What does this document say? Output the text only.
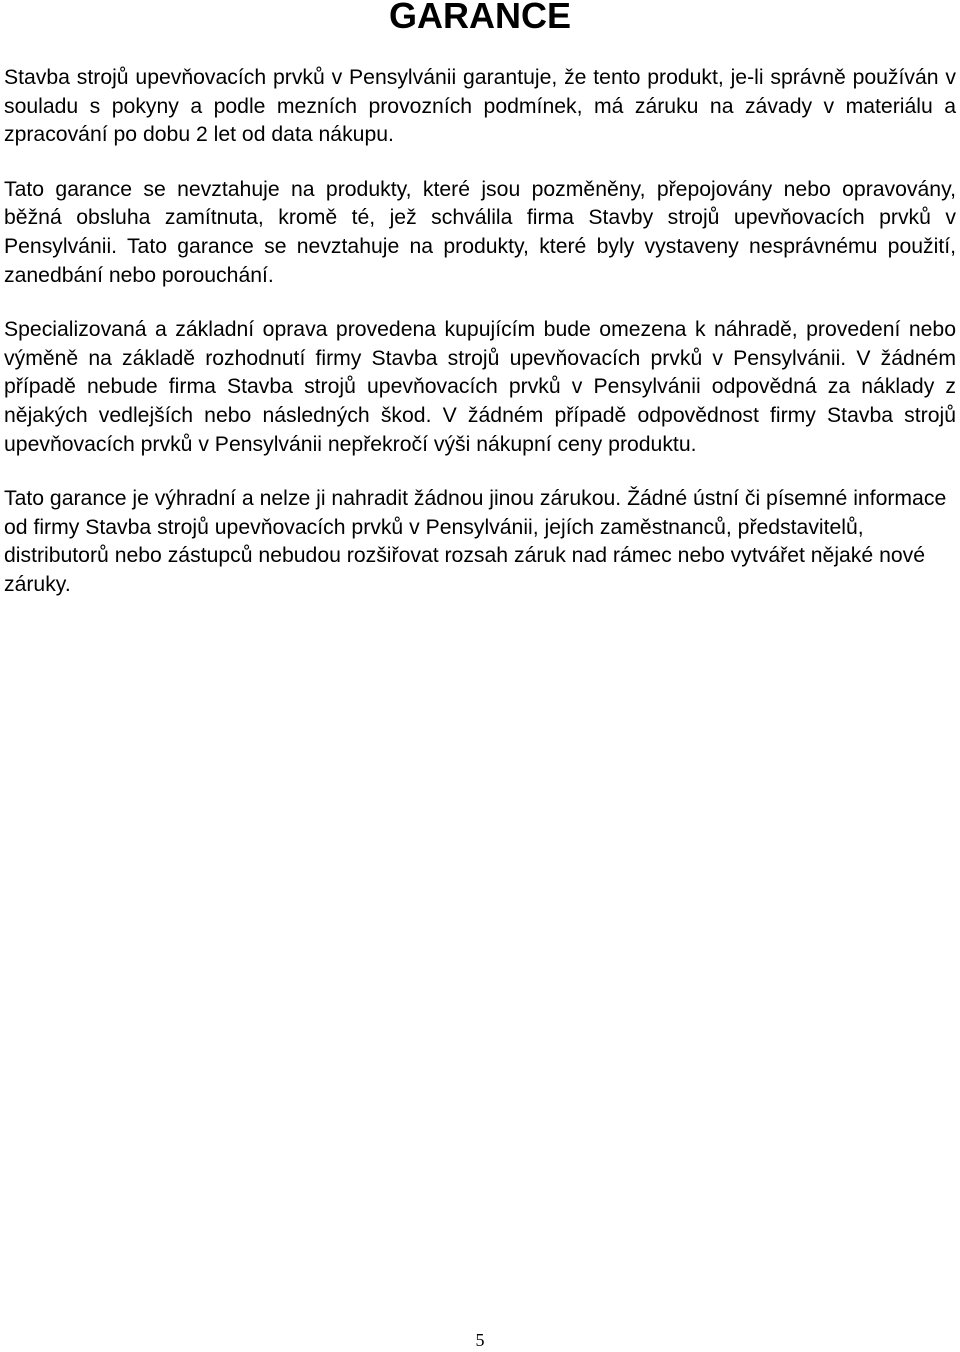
GARANCE

Stavba strojů upevňovacích prvků v Pensylvánii garantuje, že tento produkt, je-li správně používán v souladu s pokyny a podle mezních provozních podmínek, má záruku na závady v materiálu a zpracování po dobu 2 let od data nákupu.

Tato garance se nevztahuje na produkty, které jsou pozměněny, přepojovány nebo opravovány, běžná obsluha zamítnuta, kromě té, jež schválila firma Stavby strojů upevňovacích prvků v Pensylvánii. Tato garance se nevztahuje na produkty, které byly vystaveny nesprávnému použití, zanedbání nebo porouchání.

Specializovaná a základní oprava provedena kupujícím bude omezena k náhradě, provedení nebo výměně na základě rozhodnutí firmy Stavba strojů upevňovacích prvků v Pensylvánii. V žádném případě nebude firma Stavba strojů upevňovacích prvků v Pensylvánii odpovědná za náklady z nějakých vedlejších nebo následných škod. V žádném případě odpovědnost firmy Stavba strojů upevňovacích prvků v Pensylvánii nepřekročí výši nákupní ceny produktu.

Tato garance je výhradní a nelze ji nahradit žádnou jinou zárukou. Žádné ústní či písemné informace od firmy Stavba strojů upevňovacích prvků v Pensylvánii, jejích zaměstnanců, představitelů, distributorů nebo zástupců nebudou rozšiřovat rozsah záruk nad rámec nebo vytvářet nějaké nové záruky.

5
